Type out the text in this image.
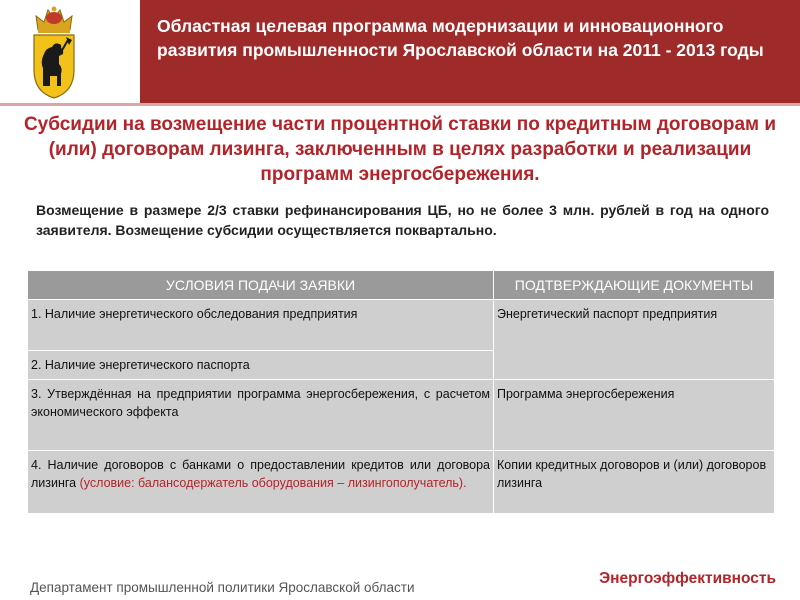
Областная целевая программа модернизации и инновационного развития промышленности Ярославской области на 2011 - 2013 годы
Субсидии на возмещение части процентной ставки по кредитным договорам и (или) договорам лизинга, заключенным в целях разработки и реализации программ энергосбережения.
Возмещение в размере 2/3 ставки рефинансирования ЦБ, но не более 3 млн. рублей в год на одного заявителя. Возмещение субсидии осуществляется поквартально.
УСЛОВИЯ ПОДАЧИ ЗАЯВКИ	ПОДТВЕРЖДАЮЩИЕ ДОКУМЕНТЫ
1. Наличие энергетического обследования предприятия	Энергетический паспорт предприятия
2. Наличие энергетического паспорта	
3. Утверждённая на предприятии программа энергосбережения, с расчетом экономического эффекта	Программа энергосбережения
4. Наличие договоров с банками о предоставлении кредитов или договора лизинга (условие: балансодержатель оборудования – лизингополучатель).	Копии кредитных договоров и (или) договоров лизинга
Департамент промышленной политики Ярославской области
Энергоэффективность
